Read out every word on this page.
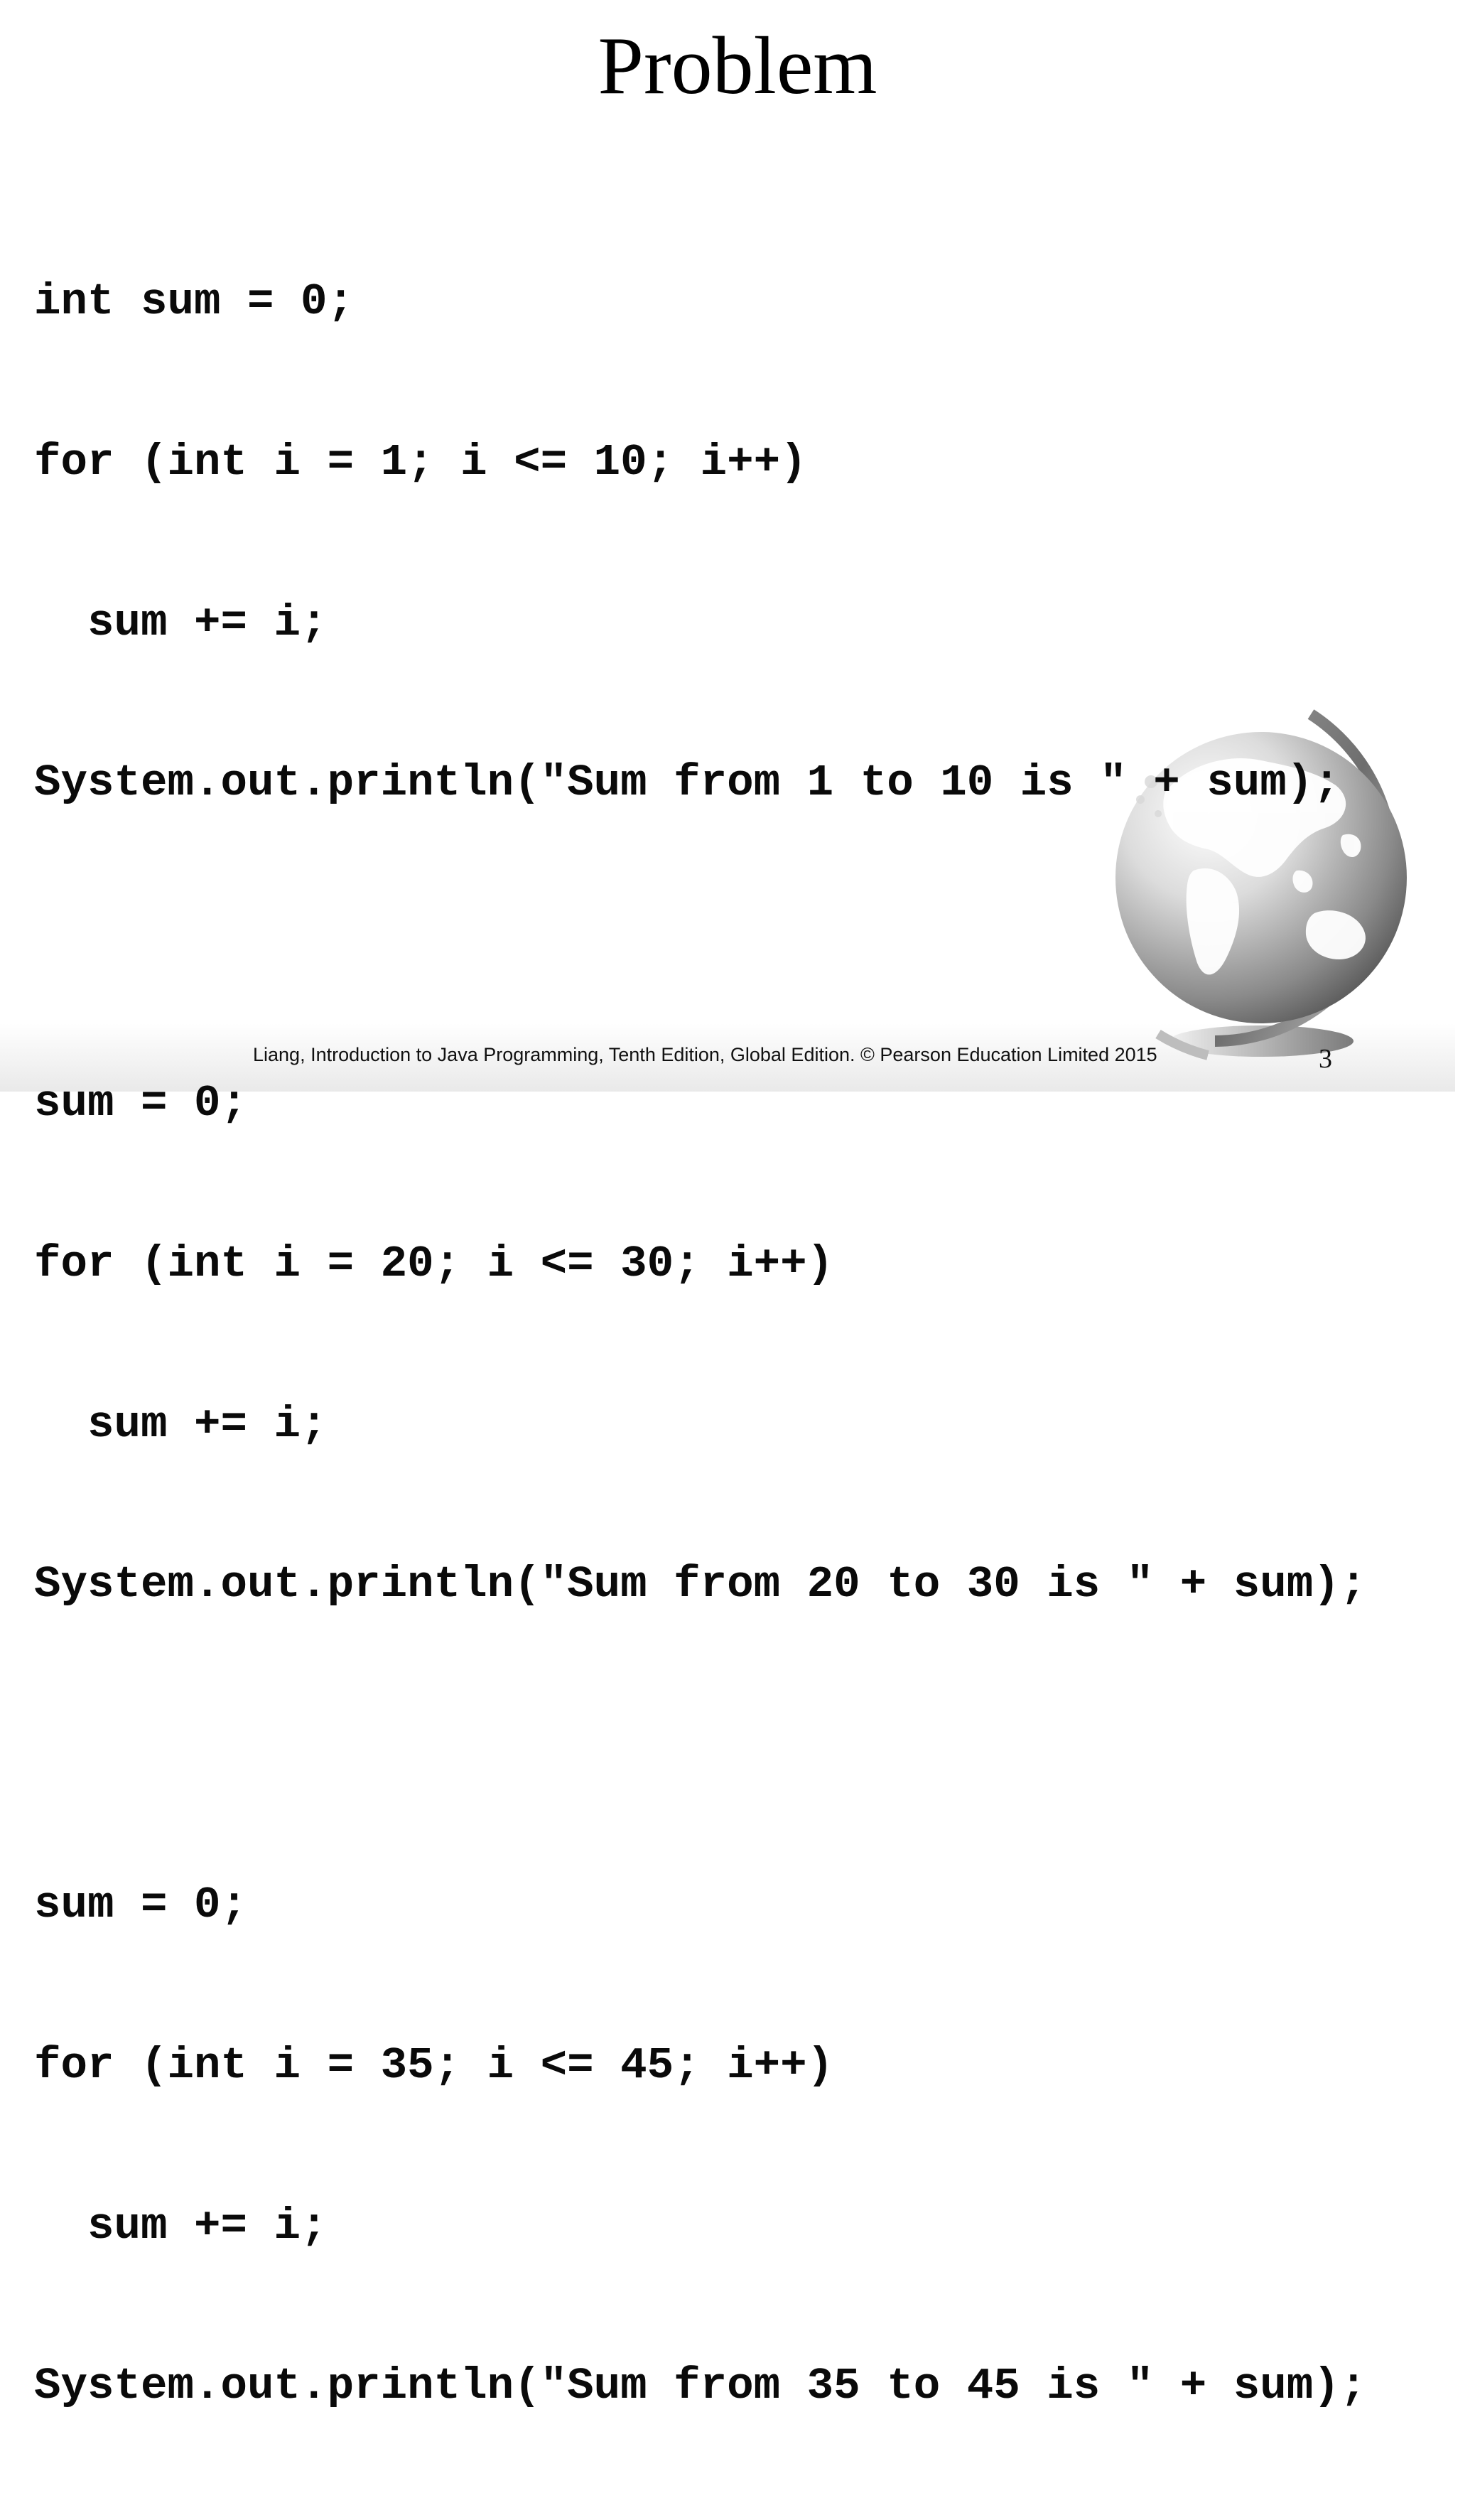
Problem

int sum = 0;

for (int i = 1; i <= 10; i++)

sum += i;

System.out.println("Sum from 1 to 10 is " + sum);

sum = 0;

for (int i = 20; i <= 30; i++)

sum += i;

System.out.println("Sum from 20 to 30 is " + sum);

sum = 0;

for (int i = 35; i <= 45; i++)

sum += i;

System.out.println("Sum from 35 to 45 is " + sum);

Liang, Introduction to Java Programming, Tenth Edition, Global Edition. © Pearson Education Limited 2015	3
